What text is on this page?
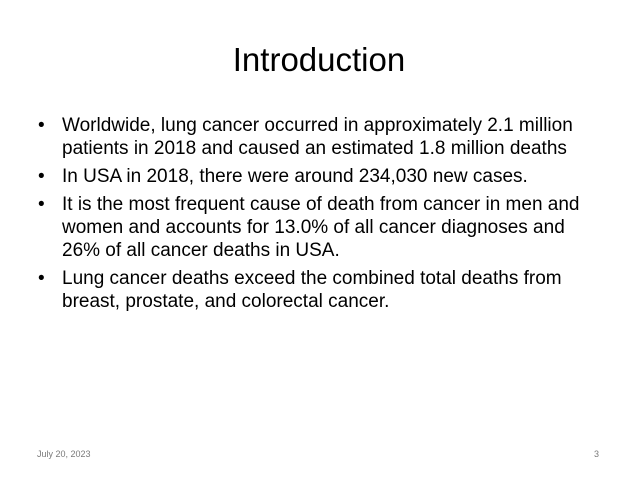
Introduction
• Worldwide, lung cancer occurred in approximately 2.1 million patients in 2018 and caused an estimated 1.8 million deaths
• In USA in 2018, there were around 234,030 new cases.
• It is the most frequent cause of death from cancer in men and women and accounts for 13.0% of all cancer diagnoses and 26% of all cancer deaths in USA.
• Lung cancer deaths exceed the combined total deaths from breast, prostate, and colorectal cancer.
July 20, 2023	3
